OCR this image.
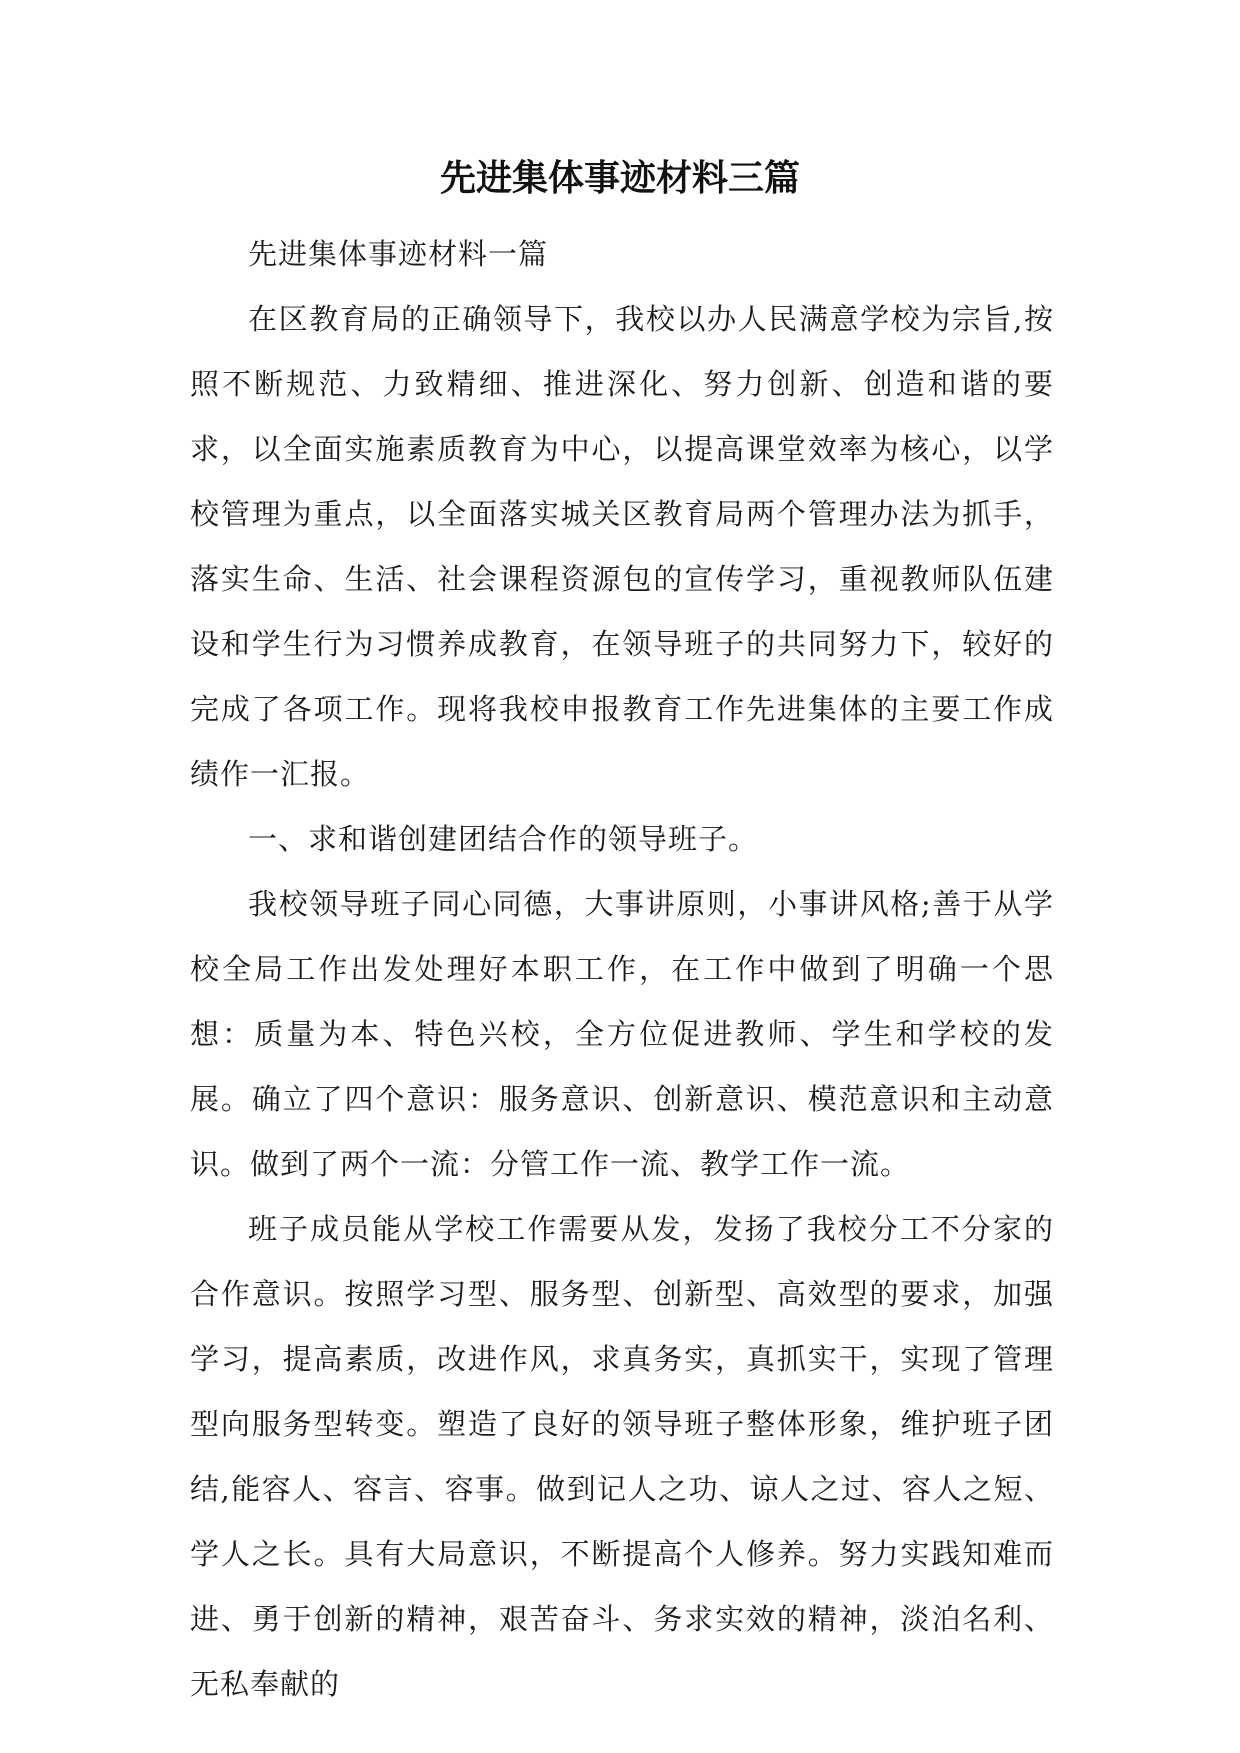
先进集体事迹材料三篇

先进集体事迹材料一篇

在区教育局的正确领导下，我校以办人民满意学校为宗旨,按照不断规范、力致精细、推进深化、努力创新、创造和谐的要求，以全面实施素质教育为中心，以提高课堂效率为核心，以学校管理为重点，以全面落实城关区教育局两个管理办法为抓手，落实生命、生活、社会课程资源包的宣传学习，重视教师队伍建设和学生行为习惯养成教育，在领导班子的共同努力下，较好的完成了各项工作。现将我校申报教育工作先进集体的主要工作成绩作一汇报。

一、求和谐创建团结合作的领导班子。

我校领导班子同心同德，大事讲原则，小事讲风格;善于从学校全局工作出发处理好本职工作，在工作中做到了明确一个思想：质量为本、特色兴校，全方位促进教师、学生和学校的发展。确立了四个意识：服务意识、创新意识、模范意识和主动意识。做到了两个一流：分管工作一流、教学工作一流。

班子成员能从学校工作需要从发，发扬了我校分工不分家的合作意识。按照学习型、服务型、创新型、高效型的要求，加强学习，提高素质，改进作风，求真务实，真抓实干，实现了管理型向服务型转变。塑造了良好的领导班子整体形象，维护班子团结,能容人、容言、容事。做到记人之功、谅人之过、容人之短、学人之长。具有大局意识，不断提高个人修养。努力实践知难而进、勇于创新的精神，艰苦奋斗、务求实效的精神，淡泊名利、无私奉献的
